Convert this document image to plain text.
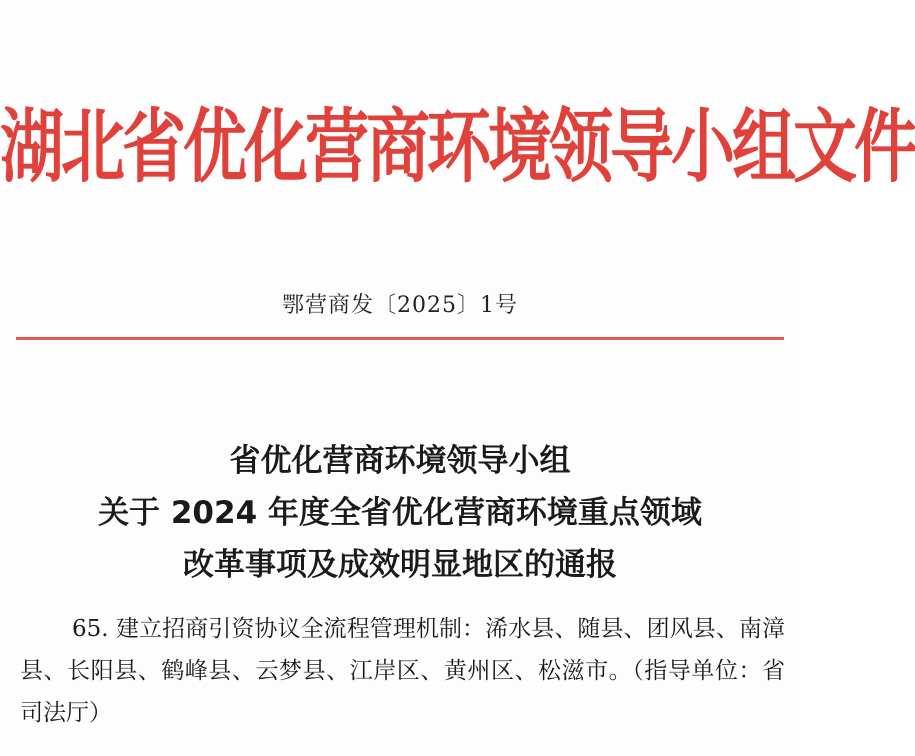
湖北省优化营商环境领导小组文件
鄂营商发〔2025〕1号
省优化营商环境领导小组
关于 2024 年度全省优化营商环境重点领域
改革事项及成效明显地区的通报
65. 建立招商引资协议全流程管理机制：浠水县、随县、团风县、南漳县、长阳县、鹤峰县、云梦县、江岸区、黄州区、松滋市。（指导单位：省司法厅）
